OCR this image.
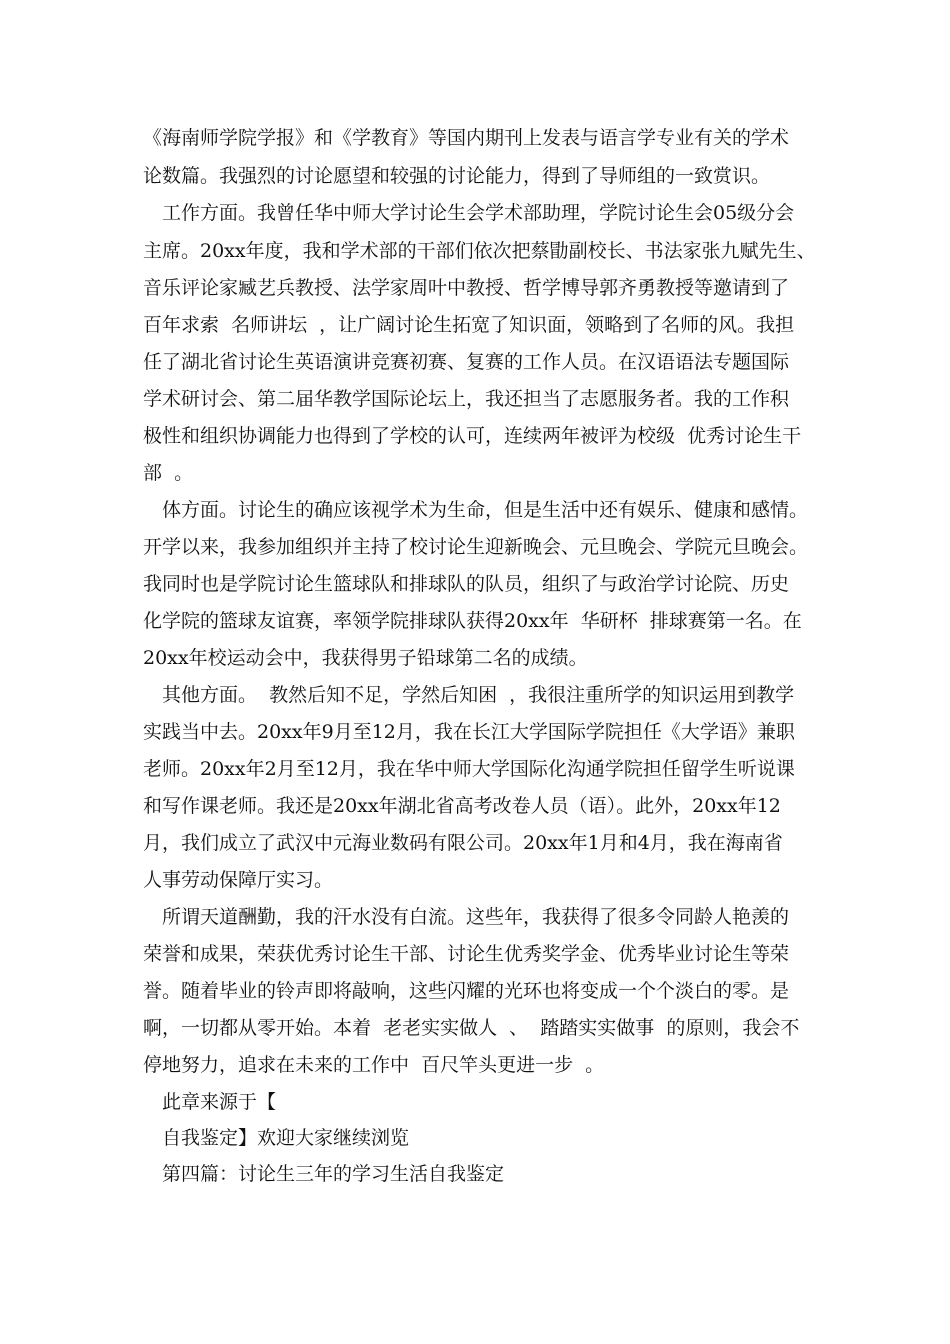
《海南师学院学报》和《学教育》等国内期刊上发表与语言学专业有关的学术
论数篇。我强烈的讨论愿望和较强的讨论能力，得到了导师组的一致赏识。
工作方面。我曾任华中师大学讨论生会学术部助理，学院讨论生会05级分会
主席。20xx年度，我和学术部的干部们依次把蔡勖副校长、书法家张九赋先生、
音乐评论家臧艺兵教授、法学家周叶中教授、哲学博导郭齐勇教授等邀请到了
百年求索  名师讲坛  ，让广阔讨论生拓宽了知识面，领略到了名师的风。我担
任了湖北省讨论生英语演讲竞赛初赛、复赛的工作人员。在汉语语法专题国际
学术研讨会、第二届华教学国际论坛上，我还担当了志愿服务者。我的工作积
极性和组织协调能力也得到了学校的认可，连续两年被评为校级  优秀讨论生干
部  。
体方面。讨论生的确应该视学术为生命，但是生活中还有娱乐、健康和感情。
开学以来，我参加组织并主持了校讨论生迎新晚会、元旦晚会、学院元旦晚会。
我同时也是学院讨论生篮球队和排球队的队员，组织了与政治学讨论院、历史
化学院的篮球友谊赛，率领学院排球队获得20xx年  华研杯  排球赛第一名。在
20xx年校运动会中，我获得男子铅球第二名的成绩。
其他方面。  教然后知不足，学然后知困  ，我很注重所学的知识运用到教学
实践当中去。20xx年9月至12月，我在长江大学国际学院担任《大学语》兼职
老师。20xx年2月至12月，我在华中师大学国际化沟通学院担任留学生听说课
和写作课老师。我还是20xx年湖北省高考改卷人员（语）。此外，20xx年12
月，我们成立了武汉中元海业数码有限公司。20xx年1月和4月，我在海南省
人事劳动保障厅实习。
所谓天道酬勤，我的汗水没有白流。这些年，我获得了很多令同龄人艳羡的
荣誉和成果，荣获优秀讨论生干部、讨论生优秀奖学金、优秀毕业讨论生等荣
誉。随着毕业的铃声即将敲响，这些闪耀的光环也将变成一个个淡白的零。是
啊，一切都从零开始。本着  老老实实做人  、  踏踏实实做事  的原则，我会不
停地努力，追求在未来的工作中  百尺竿头更进一步  。
此章来源于【
自我鉴定】欢迎大家继续浏览
第四篇：讨论生三年的学习生活自我鉴定
